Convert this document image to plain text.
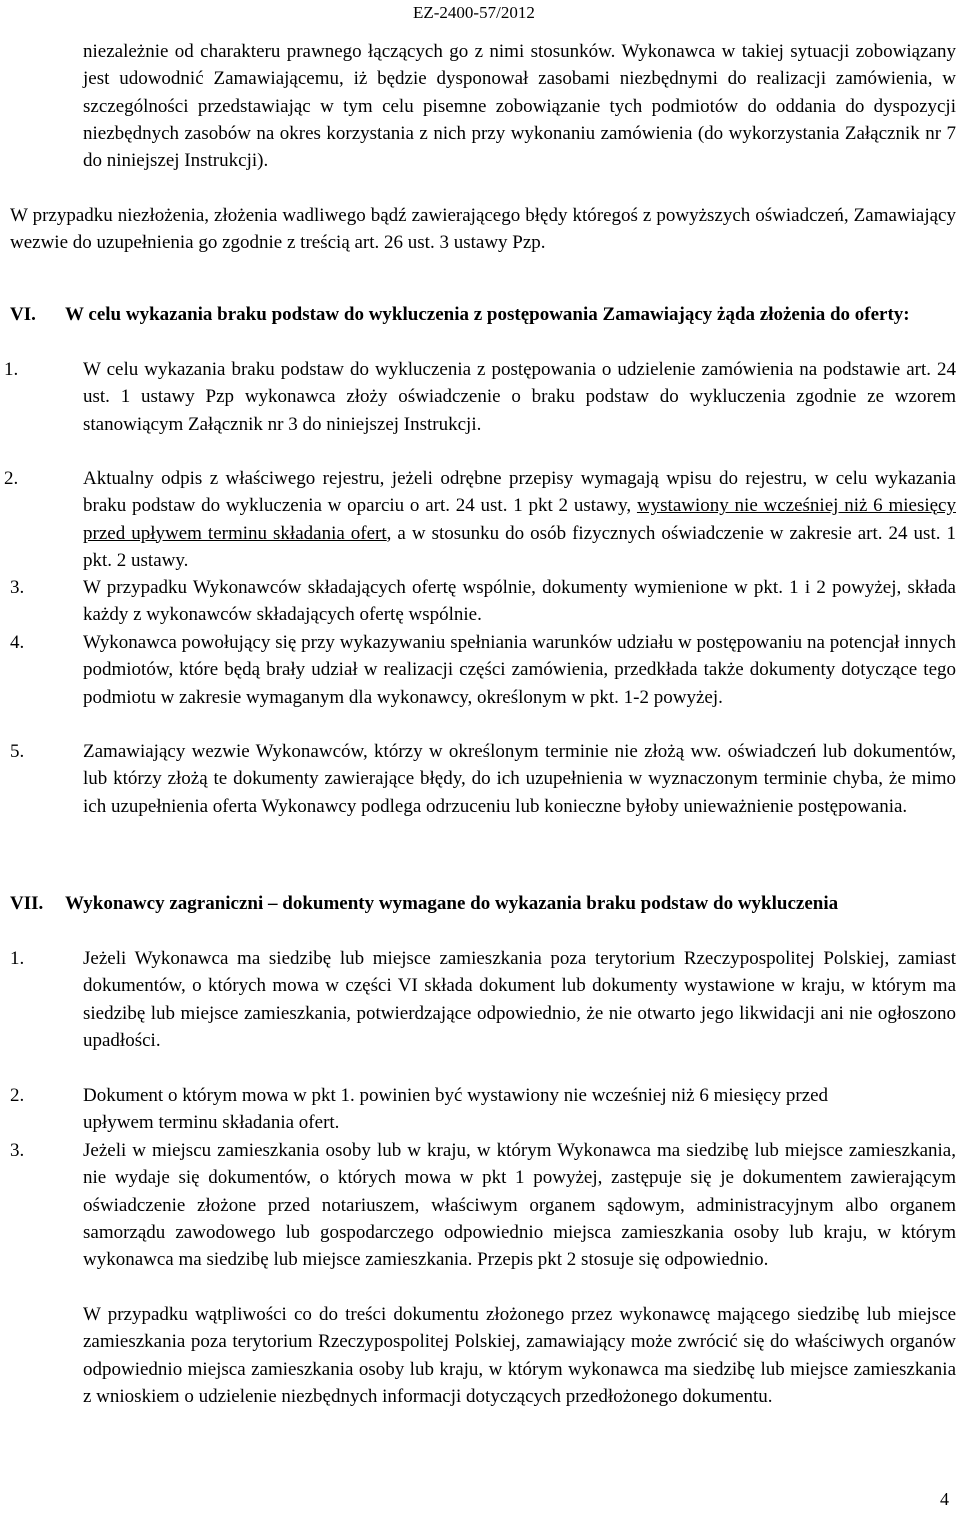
EZ-2400-57/2012
niezależnie od charakteru prawnego łączących go z nimi stosunków. Wykonawca w takiej sytuacji zobowiązany jest udowodnić Zamawiającemu, iż będzie dysponował zasobami niezbędnymi do realizacji zamówienia, w szczególności przedstawiając w tym celu pisemne zobowiązanie tych podmiotów do oddania do dyspozycji niezbędnych zasobów na okres korzystania z nich przy wykonaniu zamówienia (do wykorzystania Załącznik nr 7 do niniejszej Instrukcji).
W przypadku niezłożenia, złożenia wadliwego bądź zawierającego błędy któregoś z powyższych oświadczeń, Zamawiający wezwie do uzupełnienia go zgodnie z treścią art. 26 ust. 3 ustawy Pzp.
VI. W celu wykazania braku podstaw do wykluczenia z postępowania Zamawiający żąda złożenia do oferty:
1.	W celu wykazania braku podstaw do wykluczenia z postępowania o udzielenie zamówienia na podstawie art. 24 ust. 1 ustawy Pzp wykonawca złoży oświadczenie o braku podstaw do wykluczenia zgodnie ze wzorem stanowiącym Załącznik nr 3 do niniejszej Instrukcji.
2.	Aktualny odpis z właściwego rejestru, jeżeli odrębne przepisy wymagają wpisu do rejestru, w celu wykazania braku podstaw do wykluczenia w oparciu o art. 24 ust. 1 pkt 2 ustawy, wystawiony nie wcześniej niż 6 miesięcy przed upływem terminu składania ofert, a w stosunku do osób fizycznych oświadczenie w zakresie art. 24 ust. 1 pkt. 2 ustawy.
3.	W przypadku Wykonawców składających ofertę wspólnie, dokumenty wymienione w pkt. 1 i 2 powyżej, składa każdy z wykonawców składających ofertę wspólnie.
4.	Wykonawca powołujący się przy wykazywaniu spełniania warunków udziału w postępowaniu na potencjał innych podmiotów, które będą brały udział w realizacji części zamówienia, przedkłada także dokumenty dotyczące tego podmiotu w zakresie wymaganym dla wykonawcy, określonym w pkt. 1-2 powyżej.
5.	Zamawiający wezwie Wykonawców, którzy w określonym terminie nie złożą ww. oświadczeń lub dokumentów, lub którzy złożą te dokumenty zawierające błędy, do ich uzupełnienia w wyznaczonym terminie chyba, że mimo ich uzupełnienia oferta Wykonawcy podlega odrzuceniu lub konieczne byłoby unieważnienie postępowania.
VII. Wykonawcy zagraniczni – dokumenty wymagane do wykazania braku podstaw do wykluczenia
1.	Jeżeli Wykonawca ma siedzibę lub miejsce zamieszkania poza terytorium Rzeczypospolitej Polskiej, zamiast dokumentów, o których mowa w części VI składa dokument lub dokumenty wystawione w kraju, w którym ma siedzibę lub miejsce zamieszkania, potwierdzające odpowiednio, że nie otwarto jego likwidacji ani nie ogłoszono upadłości.
2.	Dokument o którym mowa w pkt 1. powinien być wystawiony nie wcześniej niż 6 miesięcy przed upływem terminu składania ofert.
3.	Jeżeli w miejscu zamieszkania osoby lub w kraju, w którym Wykonawca ma siedzibę lub miejsce zamieszkania, nie wydaje się dokumentów, o których mowa w pkt 1 powyżej, zastępuje się je dokumentem zawierającym oświadczenie złożone przed notariuszem, właściwym organem sądowym, administracyjnym albo organem samorządu zawodowego lub gospodarczego odpowiednio miejsca zamieszkania osoby lub kraju, w którym wykonawca ma siedzibę lub miejsce zamieszkania. Przepis pkt 2 stosuje się odpowiednio.
W przypadku wątpliwości co do treści dokumentu złożonego przez wykonawcę mającego siedzibę lub miejsce zamieszkania poza terytorium Rzeczypospolitej Polskiej, zamawiający może zwrócić się do właściwych organów odpowiednio miejsca zamieszkania osoby lub kraju, w którym wykonawca ma siedzibę lub miejsce zamieszkania z wnioskiem o udzielenie niezbędnych informacji dotyczących przedłożonego dokumentu.
4
